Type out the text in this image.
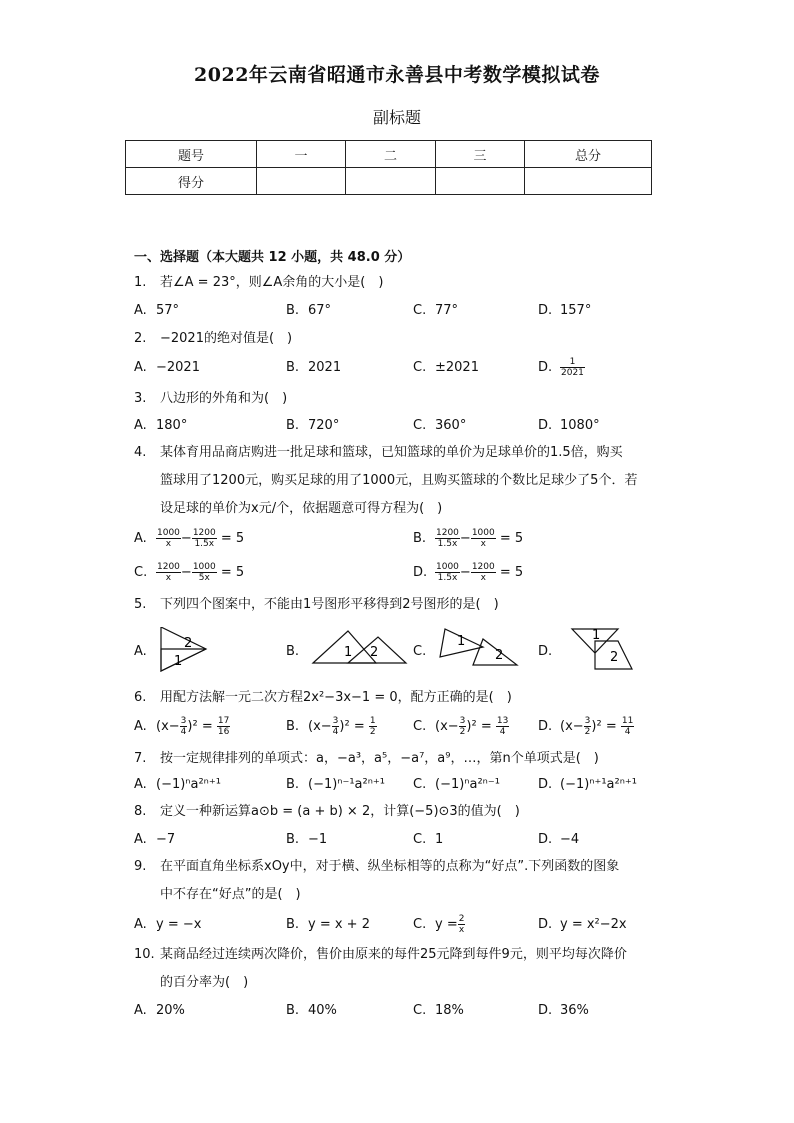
2022年云南省昭通市永善县中考数学模拟试卷
副标题
题号	一	二	三	总分
得分				
一、选择题（本大题共 12 小题，共 48.0 分）
1. 若∠A = 23°，则∠A余角的大小是(　)
A. 57°	B. 67°	C. 77°	D. 157°
2. −2021的绝对值是(　)
A. −2021	B. 2021	C. ±2021	D. $\frac{1}{2021}$
3. 八边形的外角和为(　)
A. 180°	B. 720°	C. 360°	D. 1080°
4. 某体育用品商店购进一批足球和篮球，已知篮球的单价为足球单价的1.5倍，购买
篮球用了1200元，购买足球的用了1000元，且购买篮球的个数比足球少了5个．若
设足球的单价为x元/个，依据题意可得方程为(　)
A. $\frac{1000}{x} - \frac{1200}{1.5x} = 5$	B. $\frac{1200}{1.5x} - \frac{1000}{x} = 5$
C. $\frac{1200}{x} - \frac{1000}{5x} = 5$	D. $\frac{1000}{1.5x} - \frac{1200}{x} = 5$
5. 下列四个图案中，不能由1号图形平移得到2号图形的是(　)
A.	2
1
B.	1 2	C.
1
2	D.
1
2
6. 用配方法解一元二次方程2x²−3x−1 = 0，配方正确的是(　)
A. $(x- \frac{3}{4} )^2 = \frac{17}{16}$	B. $(x- \frac{3}{4} )^2 = \frac{1}{2}$	C. $(x- \frac{3}{2} )^2 = \frac{13}{4} D$. $(x- \frac{3}{2} )^2 = \frac{11}{4}$
7. 按一定规律排列的单项式：a，−a³，a⁵，−a⁷，a⁹，…，第n个单项式是(　)
A. (−1)ⁿa²ⁿ⁺¹	B. (−1)ⁿ⁻¹a²ⁿ⁺¹ C. (−1)ⁿa²ⁿ⁻¹	D. (−1)ⁿ⁺¹a²ⁿ⁺¹
8. 定义一种新运算a⊙b = (a + b) × 2，计算(−5)⊙3的值为(　)
A. −7	B. −1	C. 1	D. −4
9. 在平面直角坐标系xOy中，对于横、纵坐标相等的点称为“好点”.下列函数的图象
中不存在“好点”的是(　)
A. y = −x	B. y = x + 2	C. $y = \frac{2}{x}$	D. y = x²−2x
10. 某商品经过连续两次降价，售价由原来的每件25元降到每件9元，则平均每次降价
的百分率为(　)
A. 20%	B. 40%	C. 18%	D. 36%
